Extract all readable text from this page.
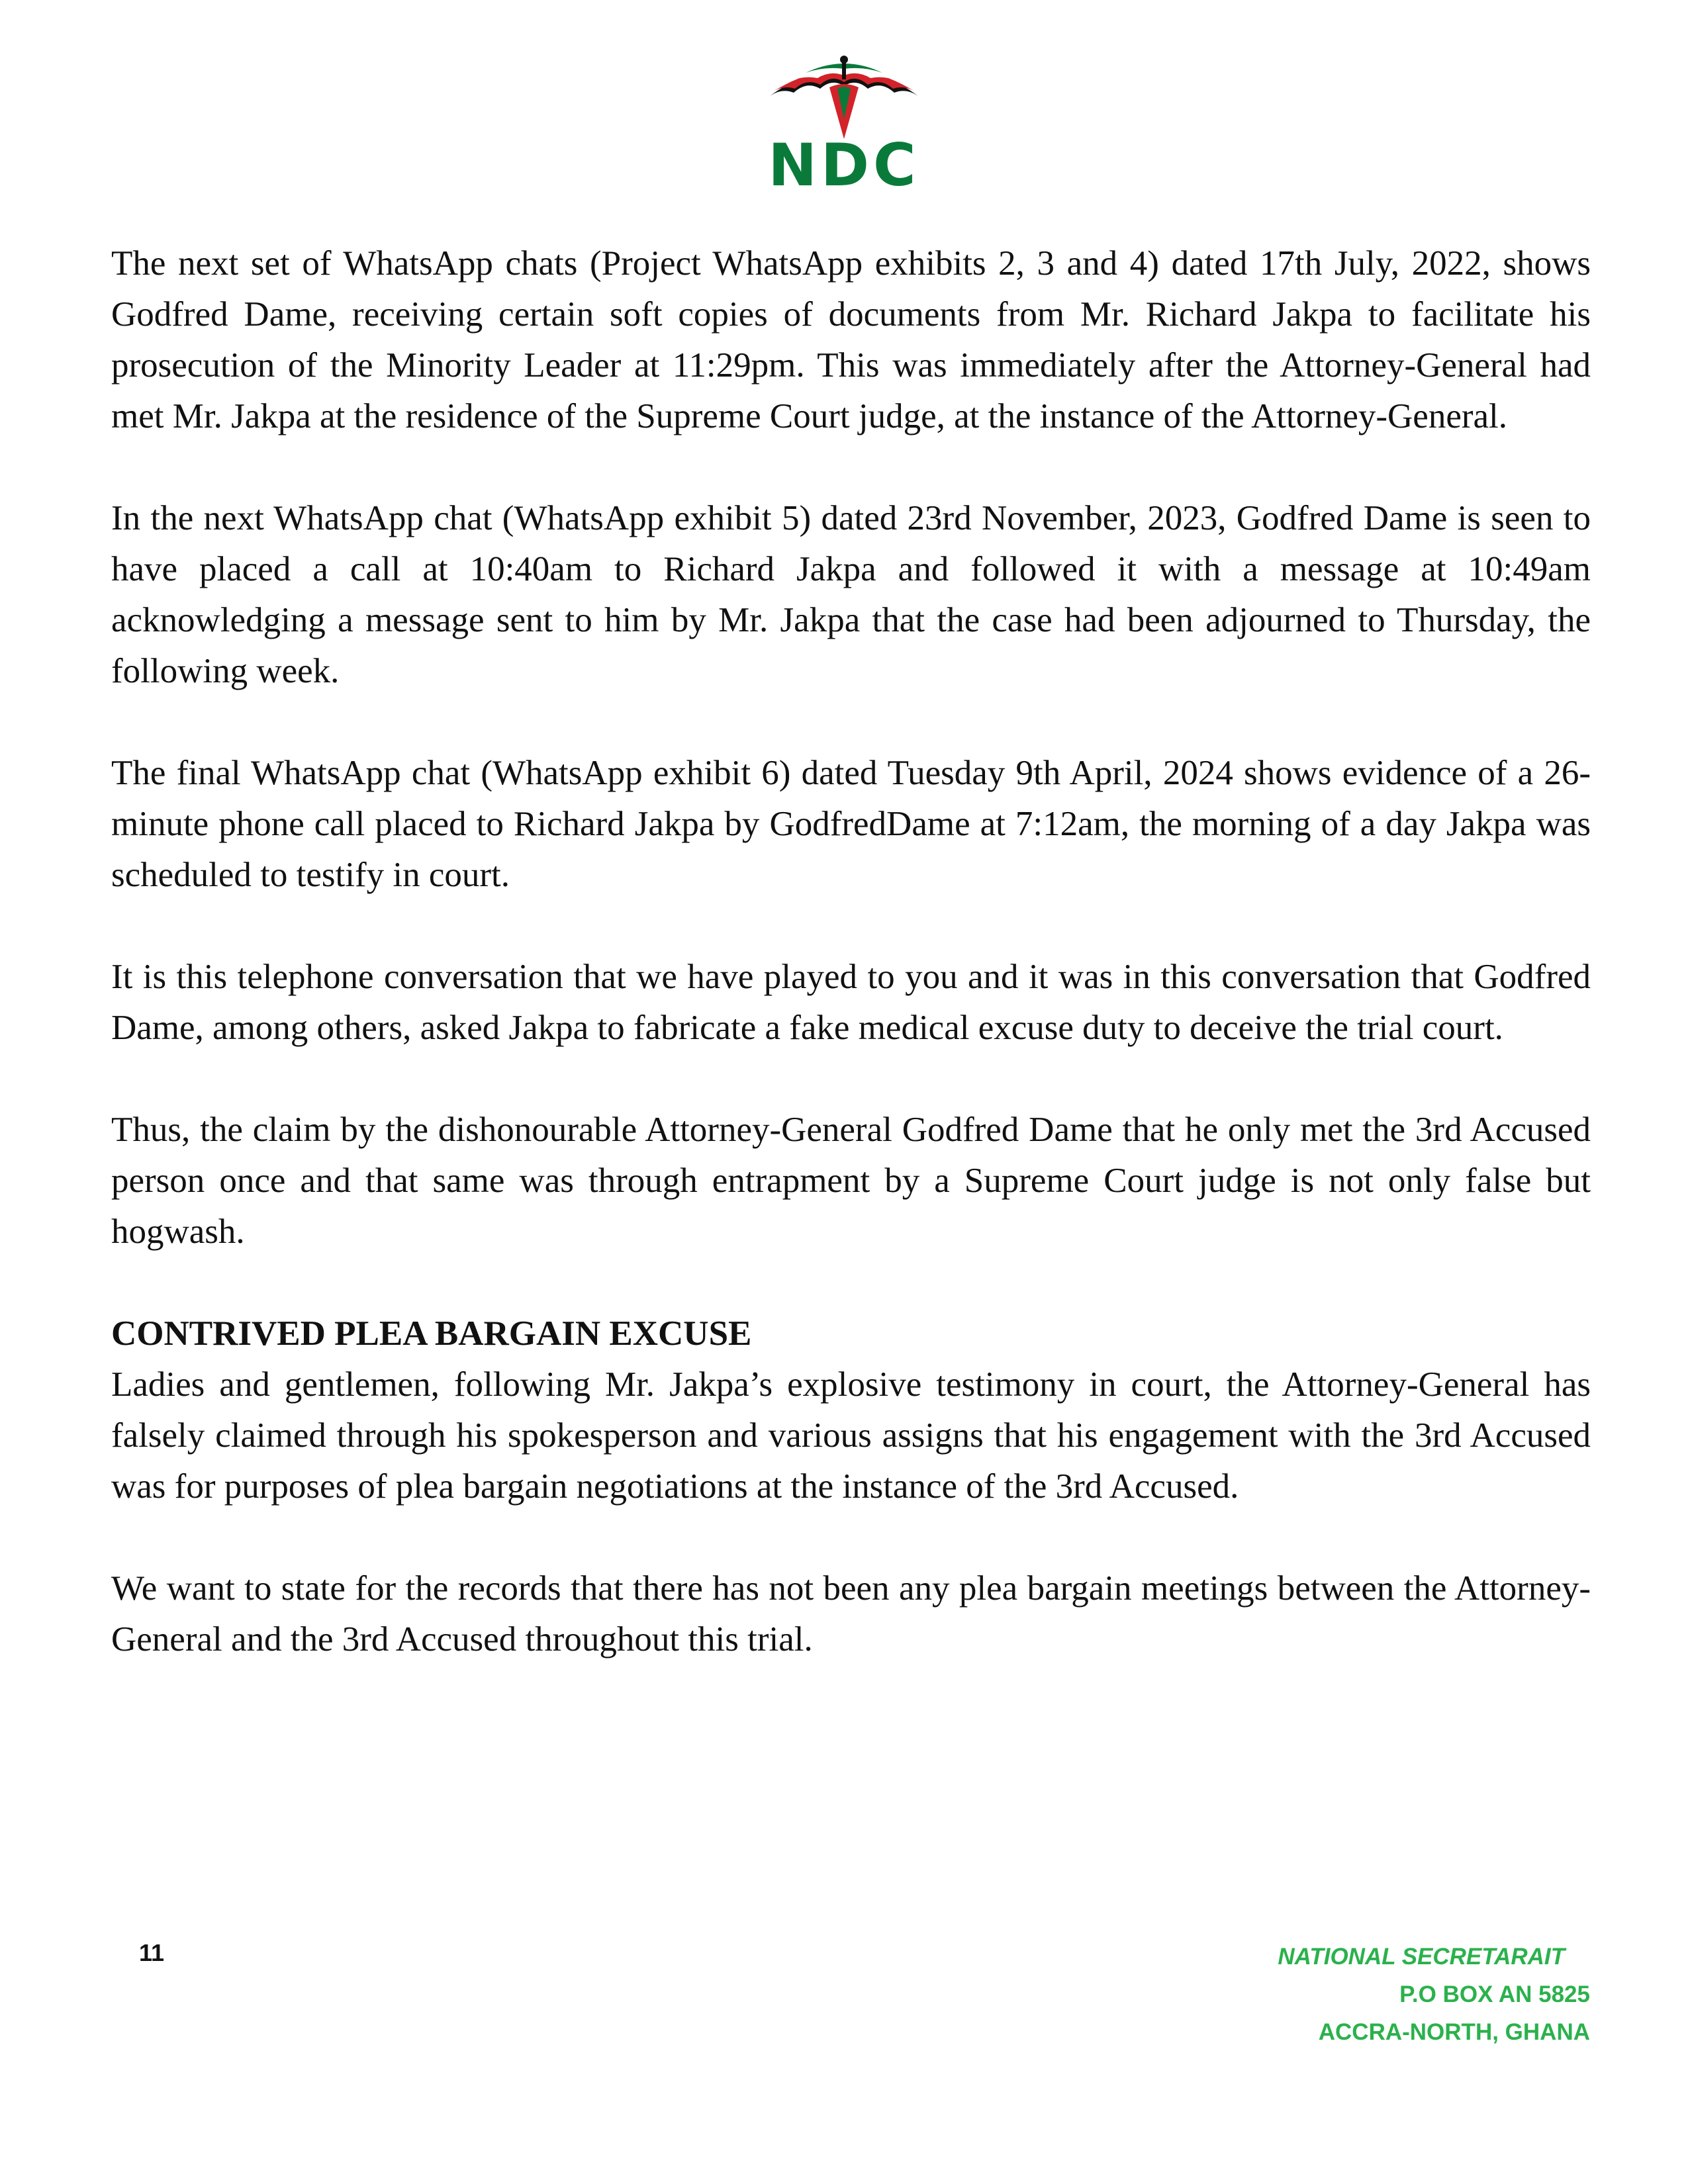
NDC

The next set of WhatsApp chats (Project WhatsApp exhibits 2, 3 and 4) dated 17th July, 2022, shows Godfred Dame, receiving certain soft copies of documents from Mr. Richard Jakpa to facilitate his prosecution of the Minority Leader at 11:29pm. This was immediately after the Attorney-General had met Mr. Jakpa at the residence of the Supreme Court judge, at the instance of the Attorney-General.

In the next WhatsApp chat (WhatsApp exhibit 5) dated 23rd November, 2023, Godfred Dame is seen to have placed a call at 10:40am to Richard Jakpa and followed it with a message at 10:49am acknowledging a message sent to him by Mr. Jakpa that the case had been adjourned to Thursday, the following week.

The final WhatsApp chat (WhatsApp exhibit 6) dated Tuesday 9th April, 2024 shows evidence of a 26- minute phone call placed to Richard Jakpa by GodfredDame at 7:12am, the morning of a day Jakpa was scheduled to testify in court.

It is this telephone conversation that we have played to you and it was in this conversation that Godfred Dame, among others, asked Jakpa to fabricate a fake medical excuse duty to deceive the trial court.

Thus, the claim by the dishonourable Attorney-General Godfred Dame that he only met the 3rd Accused person once and that same was through entrapment by a Supreme Court judge is not only false but hogwash.

CONTRIVED PLEA BARGAIN EXCUSE

Ladies and gentlemen, following Mr. Jakpa’s explosive testimony in court, the Attorney-General has falsely claimed through his spokesperson and various assigns that his engagement with the 3rd Accused was for purposes of plea bargain negotiations at the instance of the 3rd Accused.

We want to state for the records that there has not been any plea bargain meetings between the Attorney-General and the 3rd Accused throughout this trial.

11	NATIONAL SECRETARAIT
P.O BOX AN 5825
ACCRA-NORTH, GHANA
